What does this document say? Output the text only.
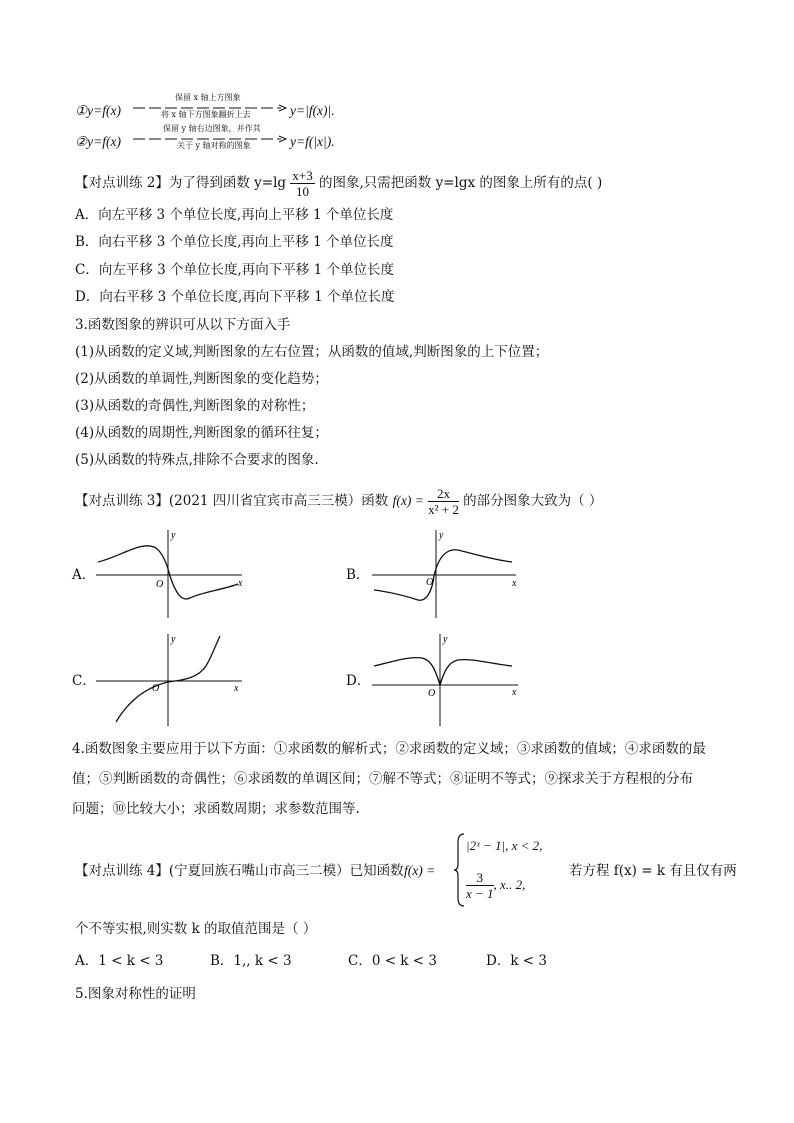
①y=f(x)
保留 x 轴上方图象
将 x 轴下方图象翻折上去	y=|f(x)|.
②y=f(x)
保留 y 轴右边图象，并作其
关于 y 轴对称的图象	y=f(|x|).
【对点训练 2】为了得到函数 $y=\lg \frac{x+3}{10}$ 的图象,只需把函数 y=lgx 的图象上所有的点( )
A．向左平移 3 个单位长度,再向上平移 1 个单位长度
B．向右平移 3 个单位长度,再向上平移 1 个单位长度
C．向左平移 3 个单位长度,再向下平移 1 个单位长度
D．向右平移 3 个单位长度,再向下平移 1 个单位长度
3.函数图象的辨识可从以下方面入手
(1)从函数的定义域,判断图象的左右位置；从函数的值域,判断图象的上下位置；
(2)从函数的单调性,判断图象的变化趋势；
(3)从函数的奇偶性,判断图象的对称性；
(4)从函数的周期性,判断图象的循环往复；
(5)从函数的特殊点,排除不合要求的图象.
【对点训练 3】(2021 四川省宜宾市高三三模）函数 $f(x) = \frac{2x}{\text{x² + 2}}$ 的部分图象大致为（ ）
A．
y
O	x
B．
y
O	x
C．
y
O	x	D．
y
O	x
4.函数图象主要应用于以下方面：①求函数的解析式；②求函数的定义域；③求函数的值域；④求函数的最
值；⑤判断函数的奇偶性；⑥求函数的单调区间；⑦解不等式；⑧证明不等式；⑨探求关于方程根的分布
问题；⑩比较大小；求函数周期；求参数范围等.
【对点训练 4】(宁夏回族石嘴山市高三二模）已知函数 f(x) =
|2ˣ − 1|, x < 2,
$\frac{3}{x - 1}$ , x.. 2,
若方程 f(x) = k 有且仅有两
个不等实根,则实数 k 的取值范围是（ ）
A．1 < k < 3	B．1,, k < 3	C．0 < k < 3	D．k < 3
5.图象对称性的证明
